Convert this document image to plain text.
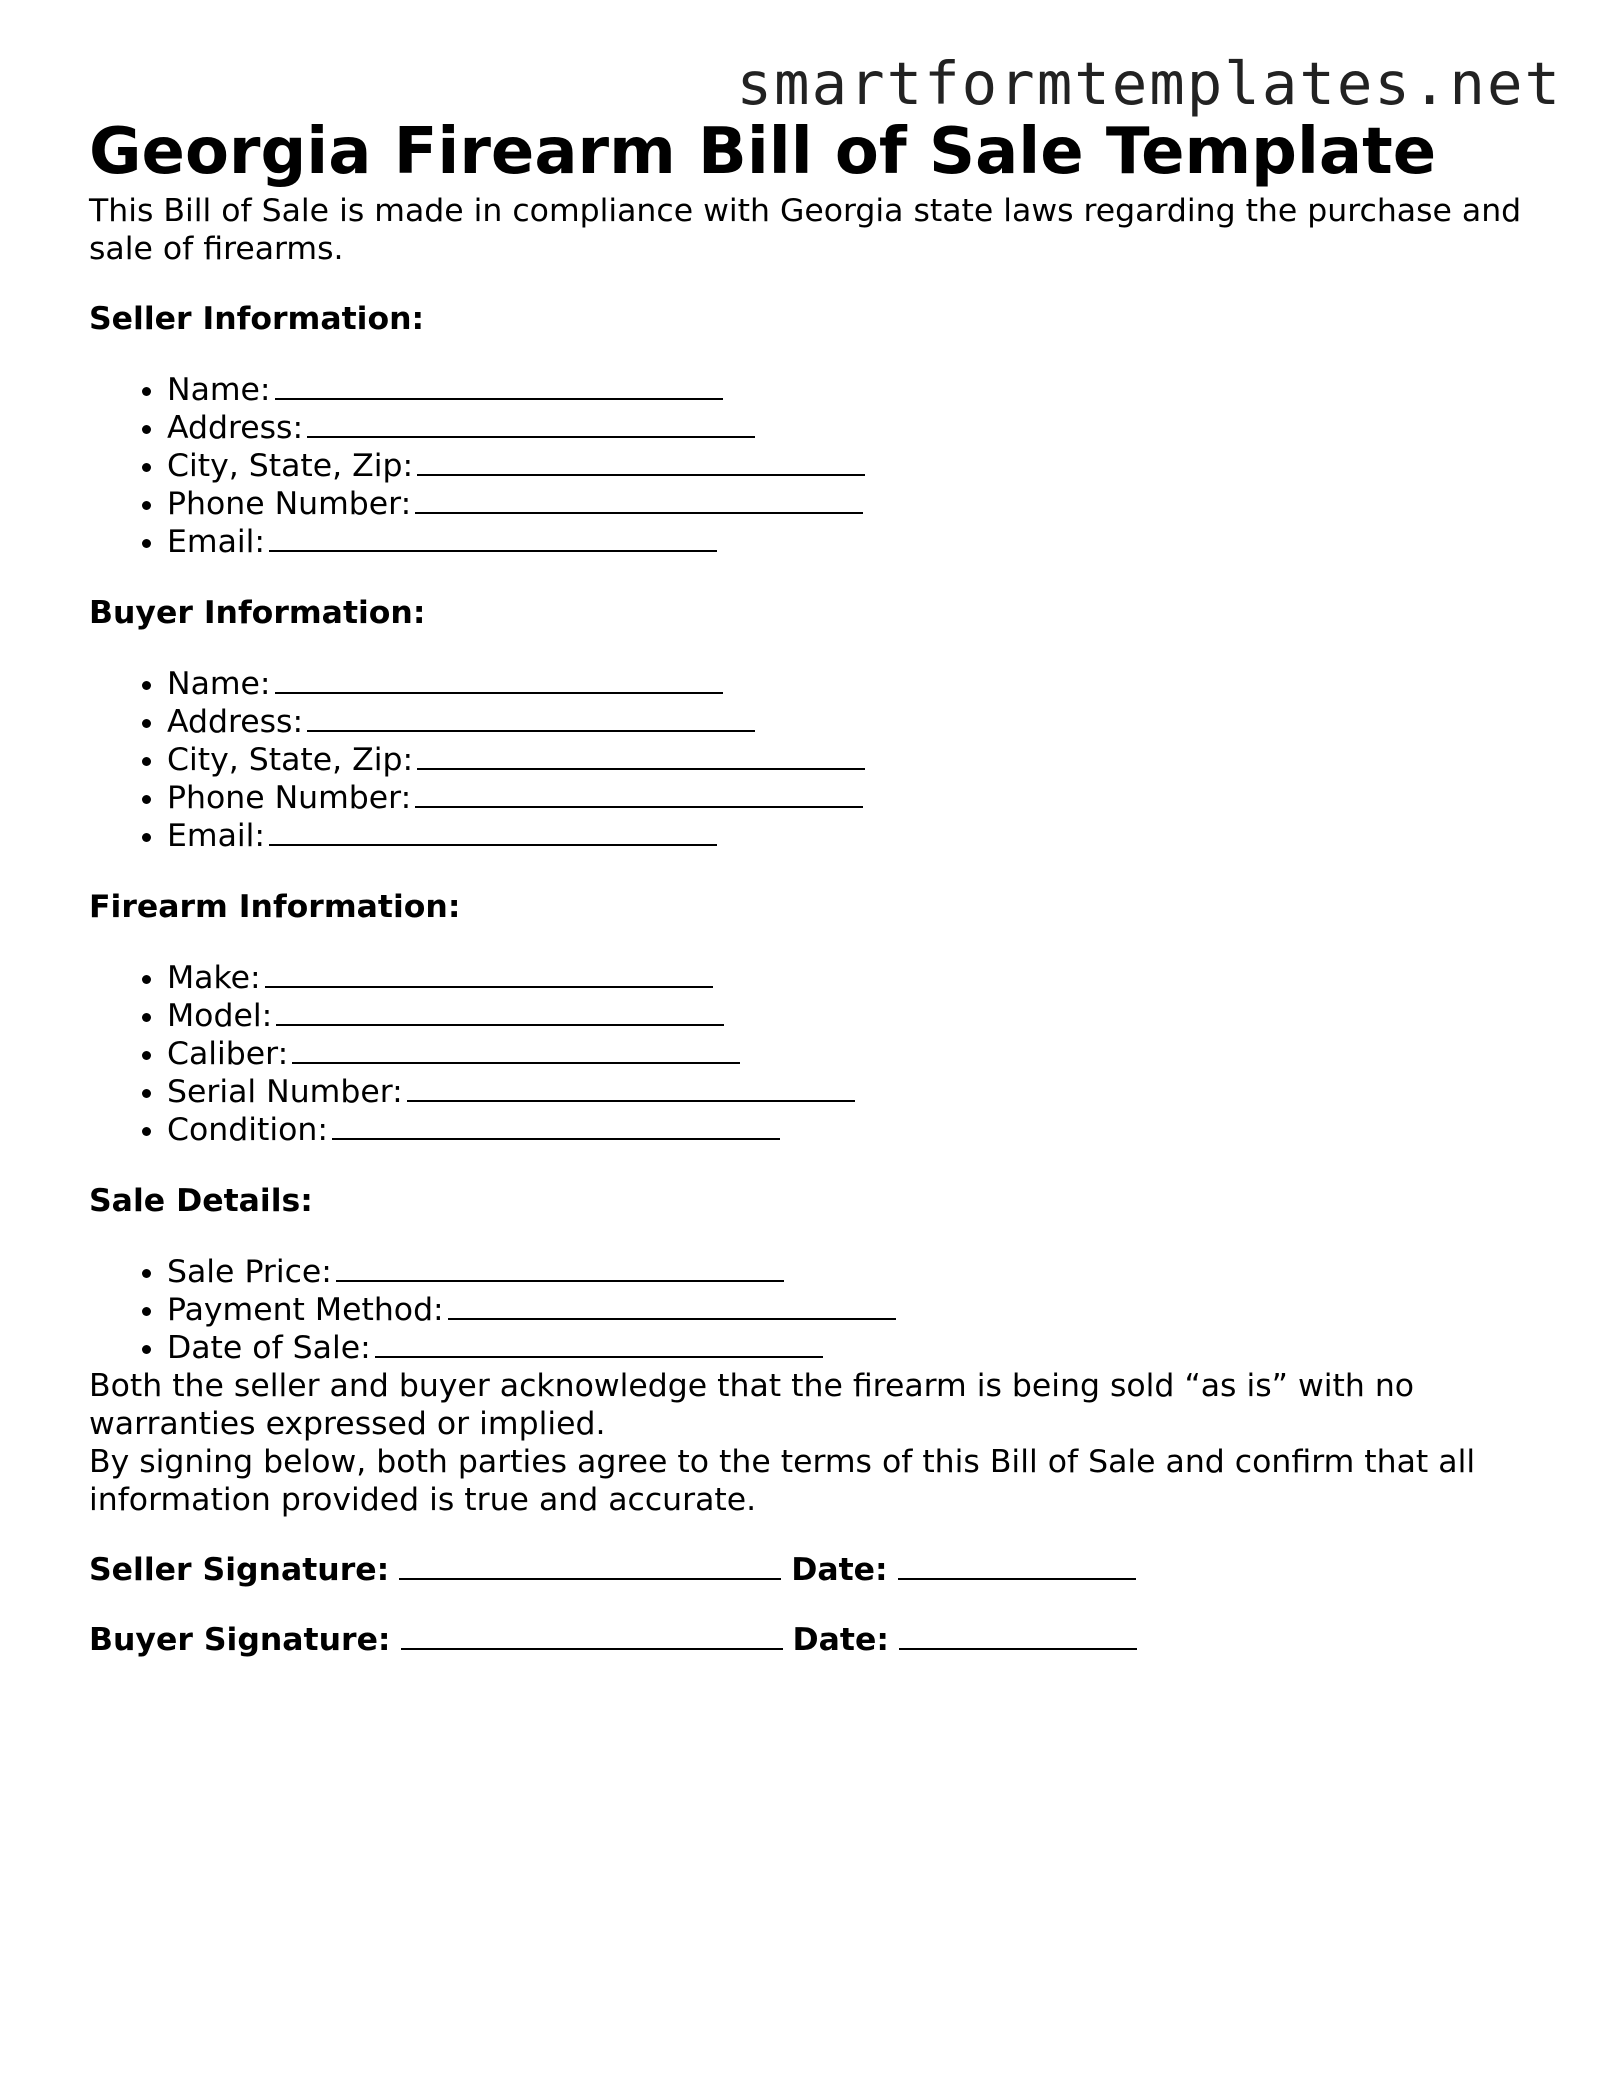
smartformtemplates.net
Georgia Firearm Bill of Sale Template

This Bill of Sale is made in compliance with Georgia state laws regarding the purchase and sale of firearms.

Seller Information:
• Name:
• Address:
• City, State, Zip:
• Phone Number:
• Email:
Buyer Information:
• Name:
• Address:
• City, State, Zip:
• Phone Number:
• Email:
Firearm Information:
• Make:
• Model:
• Caliber:
• Serial Number:
• Condition:
Sale Details:
• Sale Price:
• Payment Method:
• Date of Sale:

Both the seller and buyer acknowledge that the firearm is being sold “as is” with no warranties expressed or implied.

By signing below, both parties agree to the terms of this Bill of Sale and confirm that all information provided is true and accurate.

Seller Signature:	Date:

Buyer Signature:	Date:
